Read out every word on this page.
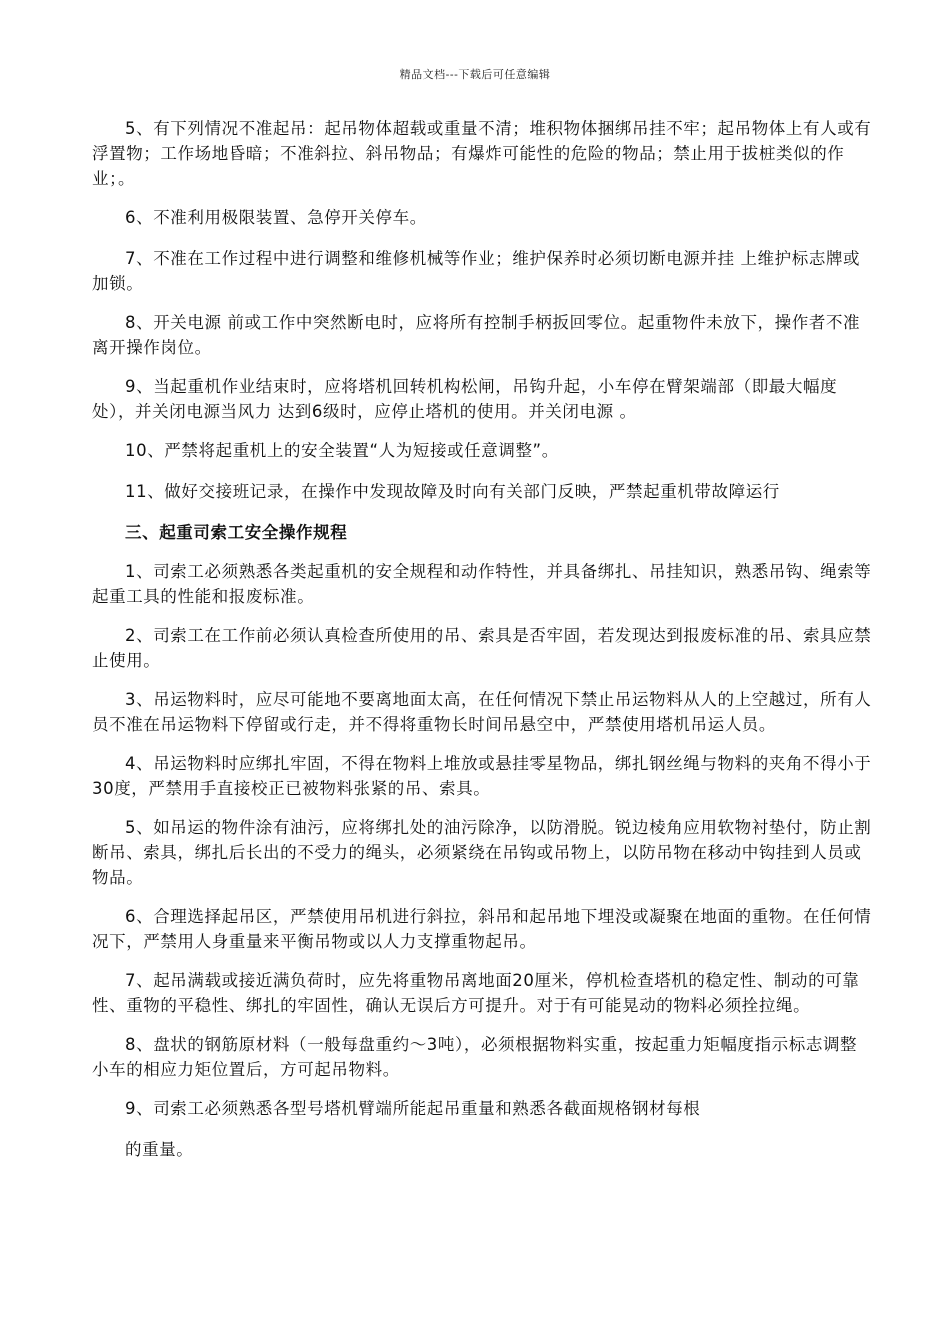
精品文档---下载后可任意编辑

5、有下列情况不准起吊：起吊物体超载或重量不清；堆积物体捆绑吊挂不牢；起吊物体上有人或有浮置物；工作场地昏暗；不准斜拉、斜吊物品；有爆炸可能性的危险的物品；禁止用于拔桩类似的作业；。

6、不准利用极限装置、急停开关停车。

7、不准在工作过程中进行调整和维修机械等作业；维护保养时必须切断电源并挂 上维护标志牌或加锁。

8、开关电源 前或工作中突然断电时，应将所有控制手柄扳回零位。起重物件未放下，操作者不准离开操作岗位。

9、当起重机作业结束时，应将塔机回转机构松闸，吊钩升起，小车停在臂架端部（即最大幅度处），并关闭电源当风力 达到6级时，应停止塔机的使用。并关闭电源 。

10、严禁将起重机上的安全装置“人为短接或任意调整”。

11、做好交接班记录，在操作中发现故障及时向有关部门反映，严禁起重机带故障运行

三、起重司索工安全操作规程

1、司索工必须熟悉各类起重机的安全规程和动作特性，并具备绑扎、吊挂知识，熟悉吊钩、绳索等起重工具的性能和报废标准。

2、司索工在工作前必须认真检查所使用的吊、索具是否牢固，若发现达到报废标准的吊、索具应禁止使用。

3、吊运物料时，应尽可能地不要离地面太高，在任何情况下禁止吊运物料从人的上空越过，所有人员不准在吊运物料下停留或行走，并不得将重物长时间吊悬空中，严禁使用塔机吊运人员。

4、吊运物料时应绑扎牢固，不得在物料上堆放或悬挂零星物品，绑扎钢丝绳与物料的夹角不得小于30度，严禁用手直接校正已被物料张紧的吊、索具。

5、如吊运的物件涂有油污，应将绑扎处的油污除净，以防滑脱。锐边棱角应用软物衬垫付，防止割断吊、索具，绑扎后长出的不受力的绳头，必须紧绕在吊钩或吊物上，以防吊物在移动中钩挂到人员或物品。

6、合理选择起吊区，严禁使用吊机进行斜拉，斜吊和起吊地下埋没或凝聚在地面的重物。在任何情况下，严禁用人身重量来平衡吊物或以人力支撑重物起吊。

7、起吊满载或接近满负荷时，应先将重物吊离地面20厘米，停机检查塔机的稳定性、制动的可靠性、重物的平稳性、绑扎的牢固性，确认无误后方可提升。对于有可能晃动的物料必须拴拉绳。

8、盘状的钢筋原材料（一般每盘重约～3吨），必须根据物料实重，按起重力矩幅度指示标志调整小车的相应力矩位置后，方可起吊物料。

9、司索工必须熟悉各型号塔机臂端所能起吊重量和熟悉各截面规格钢材每根

的重量。
